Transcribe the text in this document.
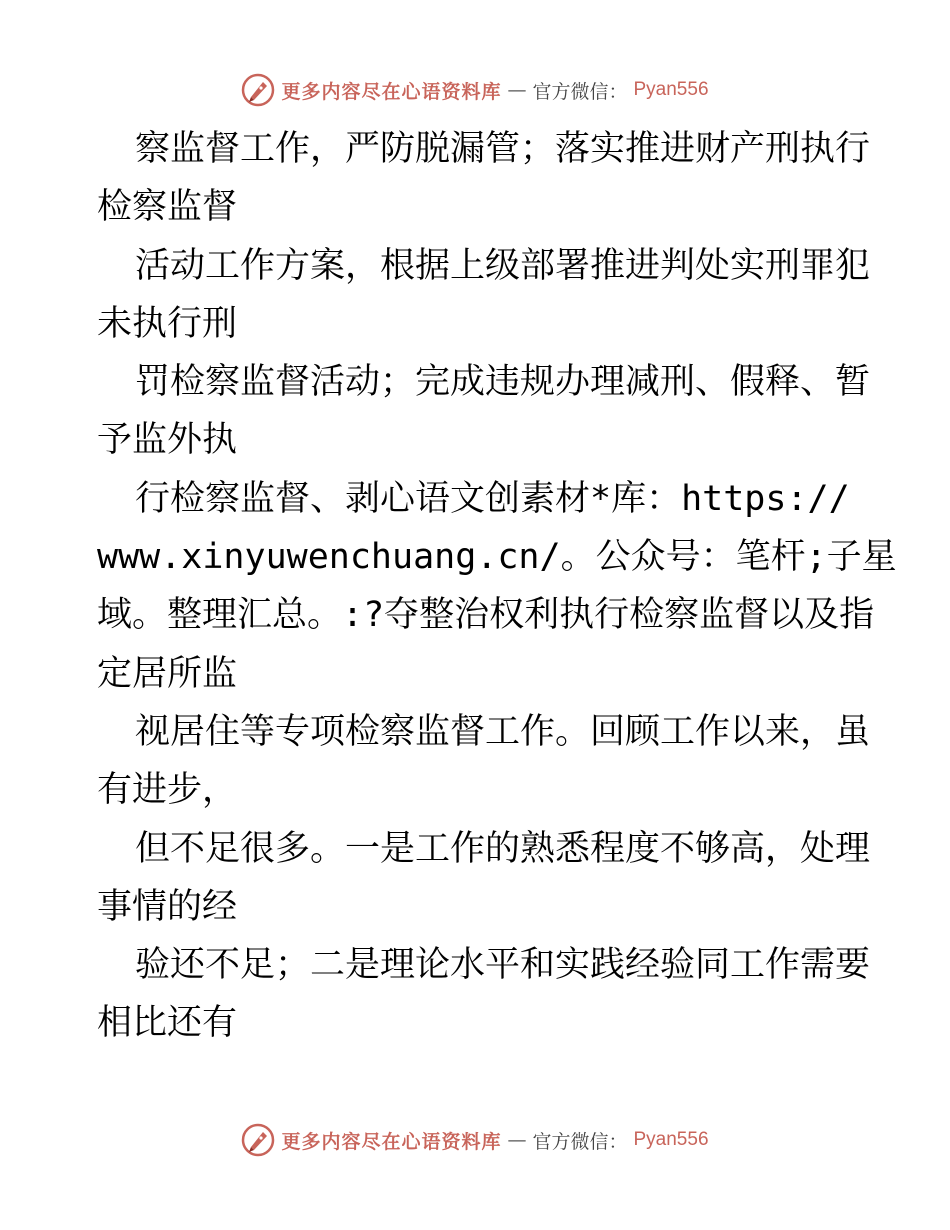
更多内容尽在心语资料库 — 官方微信： Pyan556

察监督工作，严防脱漏管；落实推进财产刑执行

检察监督

活动工作方案，根据上级部署推进判处实刑罪犯

未执行刑

罚检察监督活动；完成违规办理减刑、假释、暂

予监外执

行检察监督、剥心语文创素材*库：https://

www.xinyuwenchuang.cn/。公众号：笔杆;子星

域。整理汇总。:?夺整治权利执行检察监督以及指

定居所监

视居住等专项检察监督工作。回顾工作以来，虽

有进步，

但不足很多。一是工作的熟悉程度不够高，处理

事情的经

验还不足；二是理论水平和实践经验同工作需要

相比还有

更多内容尽在心语资料库 — 官方微信： Pyan556
